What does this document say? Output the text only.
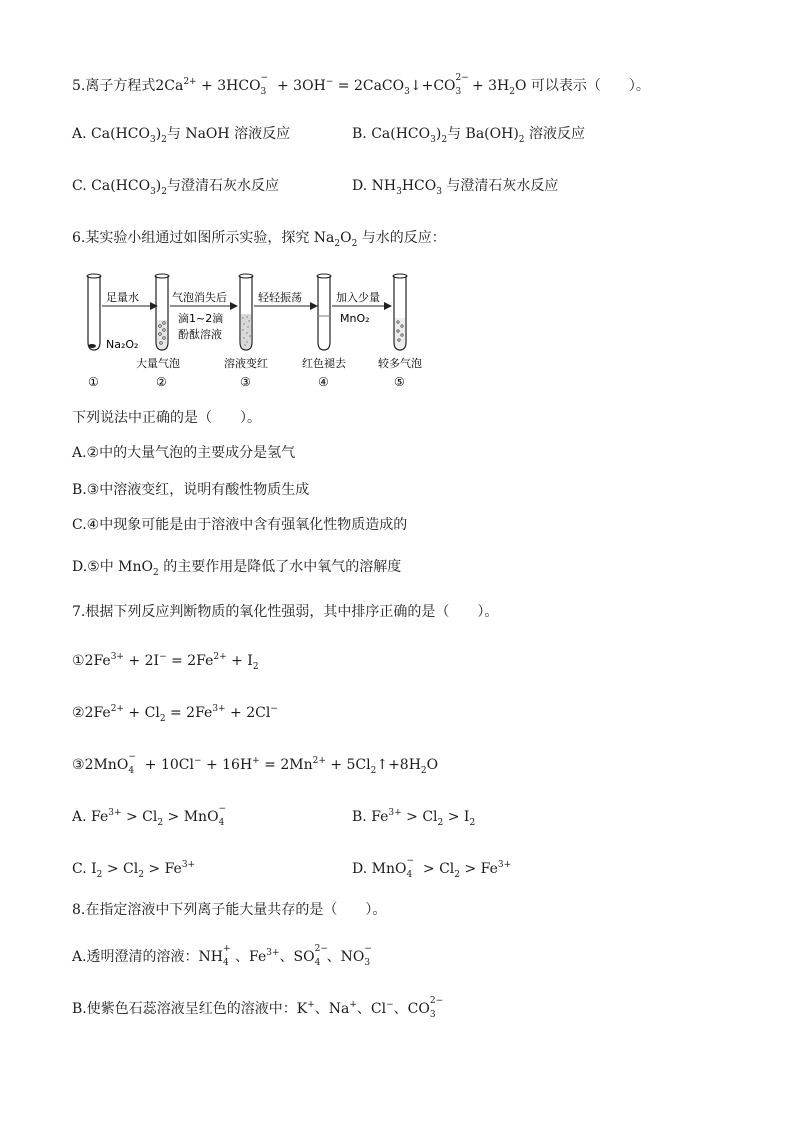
5.离子方程式$2Ca^{2+} + 3HCO$ −
3 + 3OH− = 2CaCO$_3$↓+CO 2−
$3 + 3H_2O$ 可以表示（　　）。
A. $Ca(HCO_3)_2$与 NaOH 溶液反应	B. $Ca(HCO_3)_2$与 $Ba(OH)_2$ 溶液反应
C. $Ca(HCO_3)_2$与澄清石灰水反应	D. $NH_3HCO_3$ 与澄清石灰水反应
6.某实验小组通过如图所示实验，探究 $Na_2O_2$ 与水的反应：
Na₂O₂
足量水	气泡消失后
滴1~2滴
酚酞溶液
轻轻振荡	加入少量
MnO₂
大量气泡	溶液变红	红色褪去	较多气泡
①	②	③	④	⑤
下列说法中正确的是（　　）。
A.②中的大量气泡的主要成分是氢气
B.③中溶液变红，说明有酸性物质生成
C.④中现象可能是由于溶液中含有强氧化性物质造成的
D.⑤中 MnO$_2$ 的主要作用是降低了水中氧气的溶解度
7.根据下列反应判断物质的氧化性强弱，其中排序正确的是（　　）。
$①2Fe^{3+} + 2I^- = 2Fe^{2+} + I_2$
$②2Fe^{2+} + Cl_2 = 2Fe^{3+} + 2Cl^-$
③2MnO −
$4 + 10Cl^- + 16H^+ = 2Mn^{2+}$ + $5Cl_2↑+8H_2O$
A. $Fe^{3+} > Cl_2$ > MnO −
4	B. $Fe^{3+} > Cl_2 > I_2$
C. $I_2 > Cl_2 > Fe^{3+}$	D. MnO −
$4 > Cl_2 > Fe^{3+}$
8.在指定溶液中下列离子能大量共存的是（　　）。
A.透明澄清的溶液：NH +
4 、$Fe^{3+}$、SO 2−
4 、NO −
3
B.使紫色石蕊溶液呈红色的溶液中：K+、Na+、Cl−、CO 2−
3
